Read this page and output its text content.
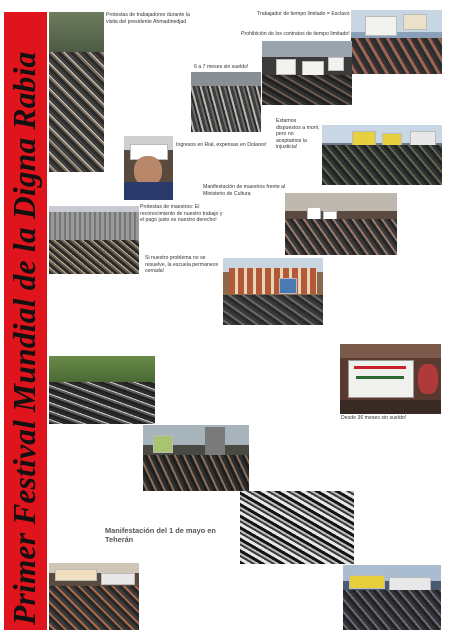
Primer Festival Mundial de la Digna Rabia
Protestas de trabajadores durante la visita del presidente Ahmadinedjad
Trabajador de tiempo limitado = Esclavo
Prohibición de los contratos de tiempo limitado!
6 a 7 meses sin sueldo!
Estamos dispuestos a morir, pero no aceptamos la injusticia!
Ingresos en Rial, expensas en Dolares!
Manifestación de maestros frente al Ministerio de Cultura
Protestas de maestros: El reconocimiento de nuestro trabajo y el pago justo es nuestro derecho!
Si nuestro problema no se resuelve, la escuela permanece cerrada!
Desde 36 meses sin sueldo!
Manifestación del 1 de mayo en Teherán
